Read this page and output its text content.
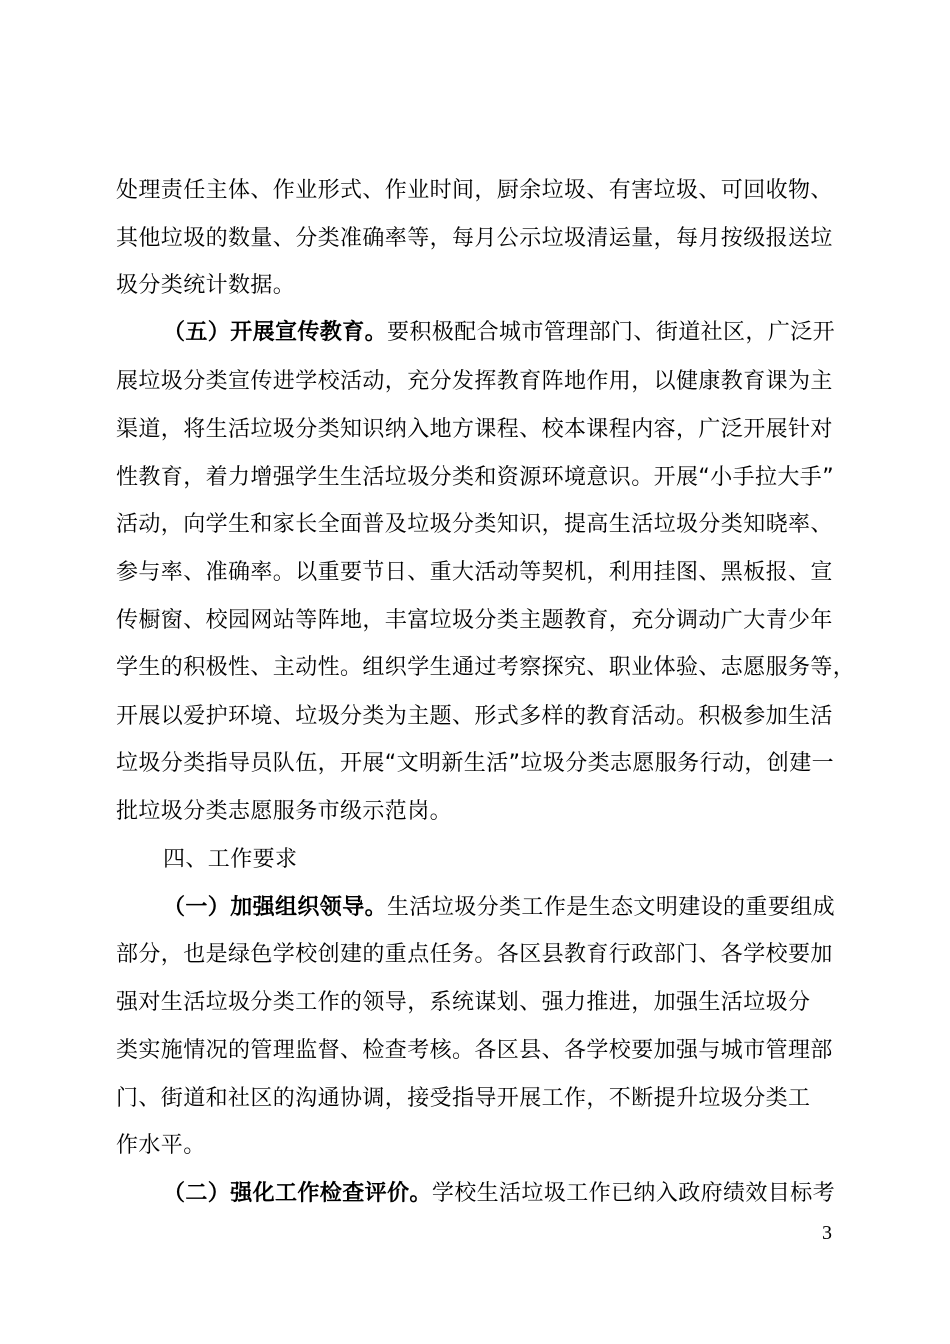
处理责任主体、作业形式、作业时间，厨余垃圾、有害垃圾、可回收物、
其他垃圾的数量、分类准确率等，每月公示垃圾清运量，每月按级报送垃
圾分类统计数据。
（五）开展宣传教育。要积极配合城市管理部门、街道社区，广泛开
展垃圾分类宣传进学校活动，充分发挥教育阵地作用，以健康教育课为主
渠道，将生活垃圾分类知识纳入地方课程、校本课程内容，广泛开展针对
性教育，着力增强学生生活垃圾分类和资源环境意识。开展“小手拉大手”
活动，向学生和家长全面普及垃圾分类知识，提高生活垃圾分类知晓率、
参与率、准确率。以重要节日、重大活动等契机，利用挂图、黑板报、宣
传橱窗、校园网站等阵地，丰富垃圾分类主题教育，充分调动广大青少年
学生的积极性、主动性。组织学生通过考察探究、职业体验、志愿服务等，
开展以爱护环境、垃圾分类为主题、形式多样的教育活动。积极参加生活
垃圾分类指导员队伍，开展“文明新生活”垃圾分类志愿服务行动，创建一
批垃圾分类志愿服务市级示范岗。
四、工作要求
（一）加强组织领导。生活垃圾分类工作是生态文明建设的重要组成
部分，也是绿色学校创建的重点任务。各区县教育行政部门、各学校要加
强对生活垃圾分类工作的领导，系统谋划、强力推进，加强生活垃圾分
类实施情况的管理监督、检查考核。各区县、各学校要加强与城市管理部
门、街道和社区的沟通协调，接受指导开展工作，不断提升垃圾分类工
作水平。
（二）强化工作检查评价。学校生活垃圾工作已纳入政府绩效目标考
3
